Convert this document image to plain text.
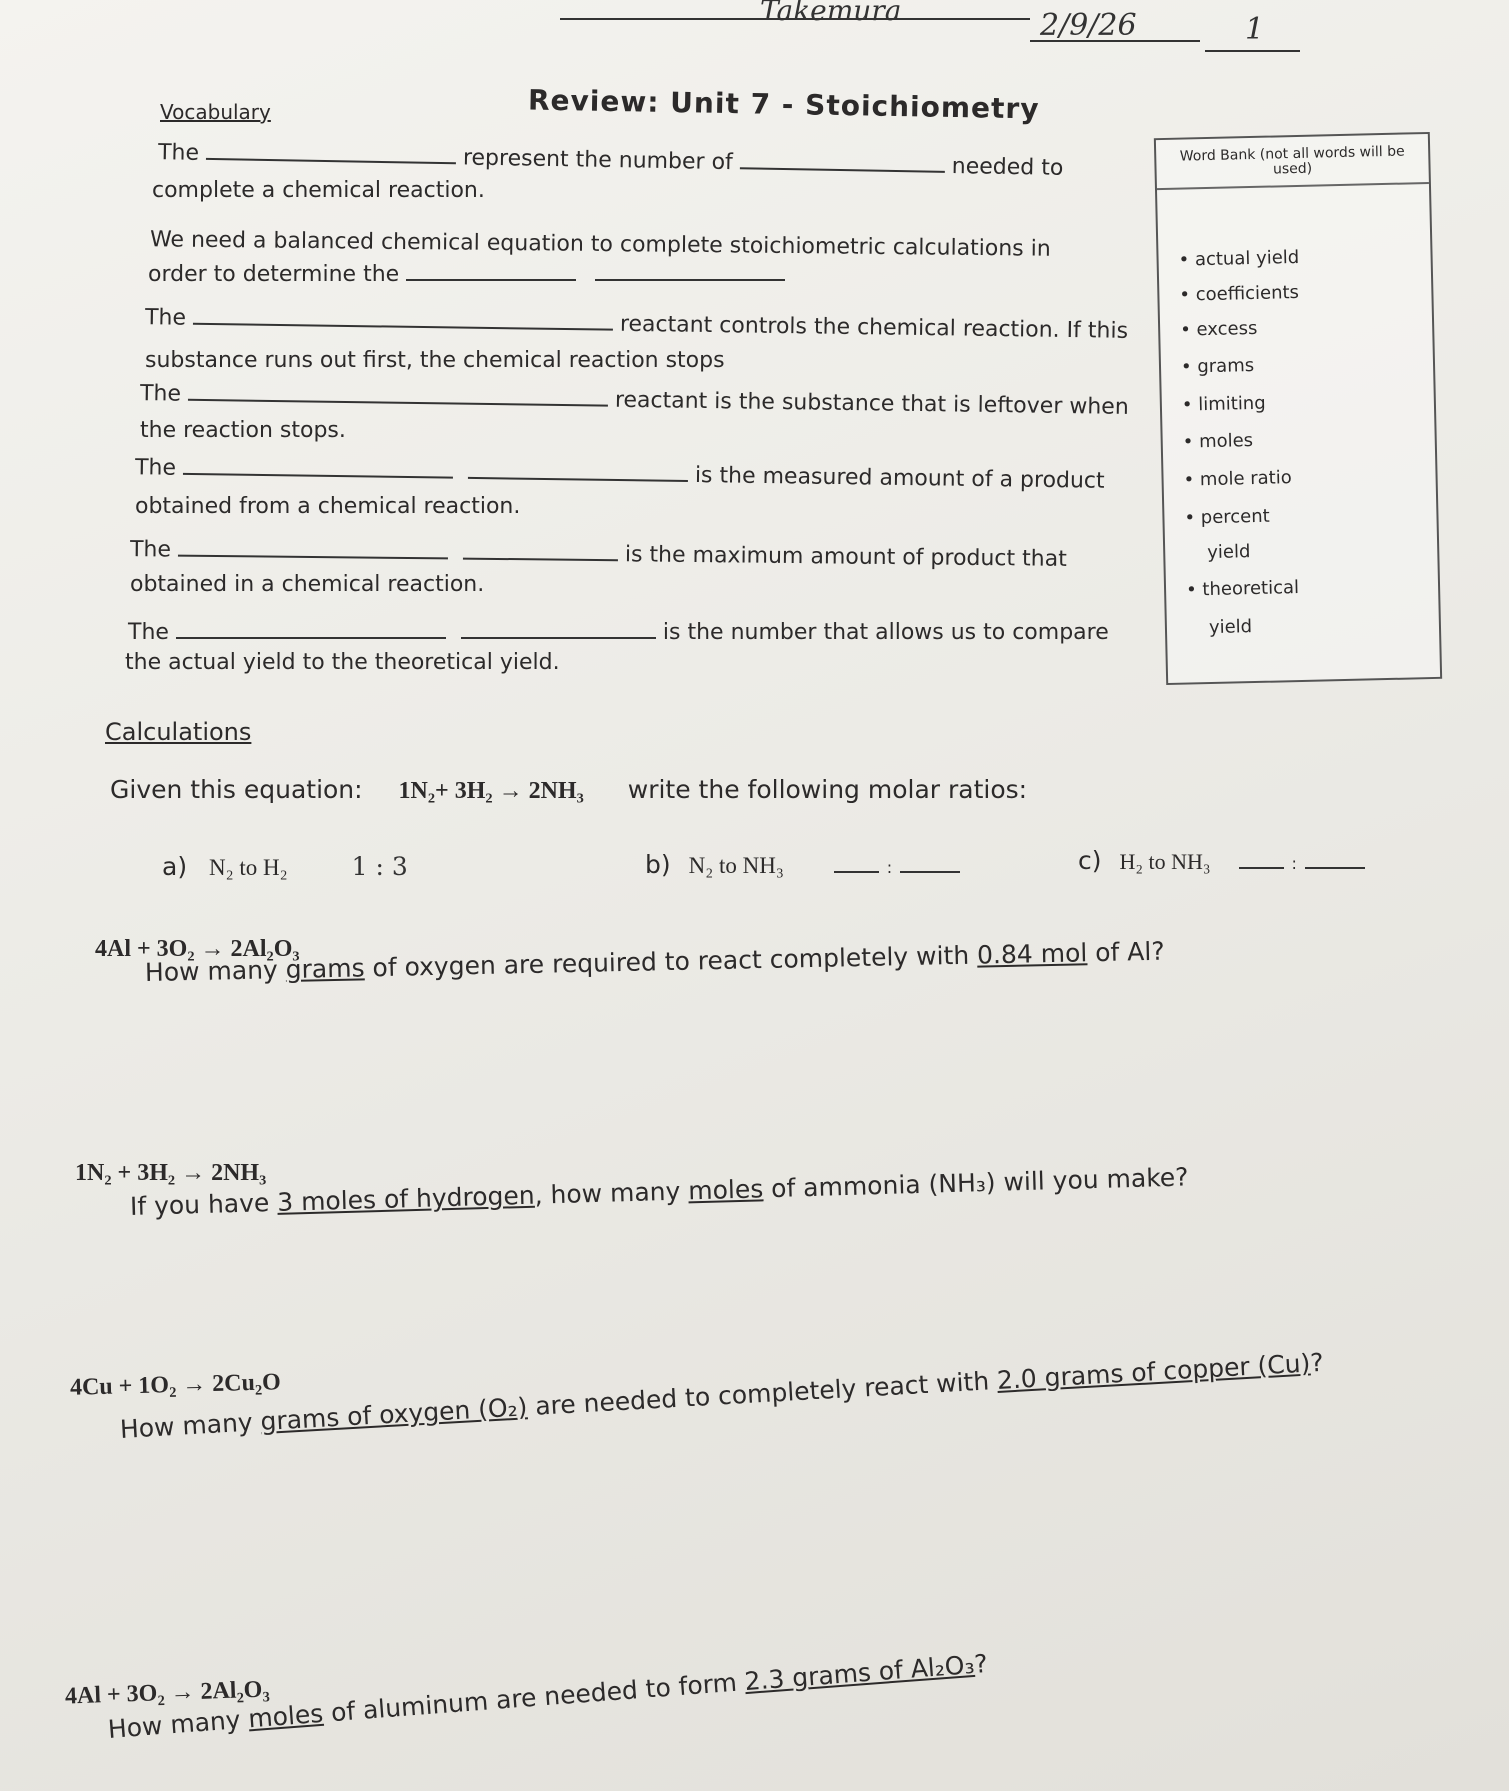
Takemura	2/9/26	1
Review: Unit 7 - Stoichiometry
Vocabulary
The	represent the number of	needed to
complete a chemical reaction.
We need a balanced chemical equation to complete stoichiometric calculations in
order to determine the
The	reactant controls the chemical reaction. If this
substance runs out first, the chemical reaction stops
The	reactant is the substance that is leftover when
the reaction stops.
The	is the measured amount of a product
obtained from a chemical reaction.
The	is the maximum amount of product that
obtained in a chemical reaction.
The	is the number that allows us to compare
the actual yield to the theoretical yield.
Word Bank (not all words will be used)
• actual yield
• coefficients
• excess
• grams
• limiting
• moles
• mole ratio
• percent
yield
• theoretical
yield
Calculations
Given this equation: 1N₂+ 3H₂ → 2NH₃ write the following molar ratios:
a) N₂ to H₂	1 : 3	b) N₂ to NH₃	:	c) H₂ to NH₃	:
4Al + 3O₂ → 2Al₂O₃
How many grams of oxygen are required to react completely with 0.84 mol of Al?
1N₂ + 3H₂ → 2NH₃
If you have 3 moles of hydrogen, how many moles of ammonia (NH₃) will you make?
4Cu + 1O₂ → 2Cu₂O
How many grams of oxygen (O₂) are needed to completely react with 2.0 grams of copper (Cu)?
4Al + 3O₂ → 2Al₂O₃
How many moles of aluminum are needed to form 2.3 grams of Al₂O₃?
